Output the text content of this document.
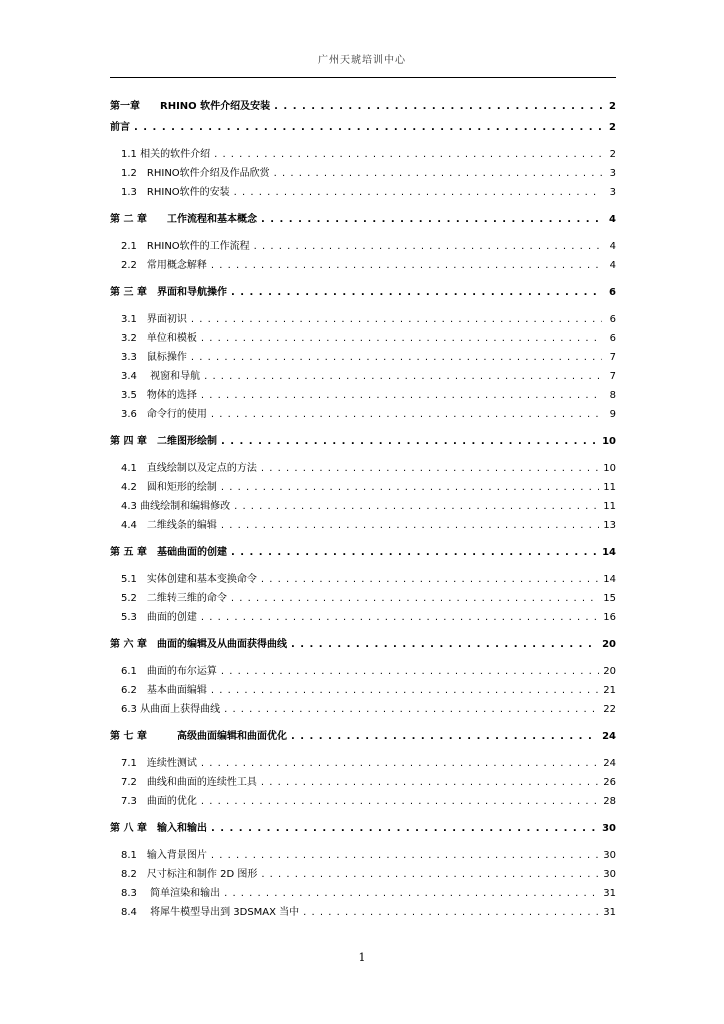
广州天琥培训中心
第一章　　RHINO 软件介绍及安装 . . .	2
前言 . . .	2
1.1 相关的软件介绍 . . .	2
1.2　RHINO软件介绍及作品欣赏 . . .	3
1.3　RHINO软件的安装 . . .	3
第 二 章　　工作流程和基本概念 . . .	4
2.1　RHINO软件的工作流程 . . .	4
2.2　常用概念解释 . . .	4
第 三 章　界面和导航操作 . . .	6
3.1　界面初识 . . .	6
3.2　单位和模板 . . .	6
3.3　鼠标操作 . . .	7
3.4　 视窗和导航 . . .	7
3.5　物体的选择 . . .	8
3.6　命令行的使用 . . .	9
第 四 章　二维图形绘制 . . .	10
4.1　直线绘制以及定点的方法 . . .	10
4.2　圆和矩形的绘制 . . .	11
4.3 曲线绘制和编辑修改 . . .	11
4.4　二维线条的编辑 . . .	13
第 五 章　基础曲面的创建 . . .	14
5.1　实体创建和基本变换命令 . . .	14
5.2　二维转三维的命令 . . .	15
5.3　曲面的创建 . . .	16
第 六 章　曲面的编辑及从曲面获得曲线 . . .	20
6.1　曲面的布尔运算 . . .	20
6.2　基本曲面编辑 . . .	21
6.3 从曲面上获得曲线 . . .	22
第 七 章　　　高级曲面编辑和曲面优化 . . .	24
7.1　连续性测试 . . .	24
7.2　曲线和曲面的连续性工具 . . .	26
7.3　曲面的优化 . . .	28
第 八 章　输入和输出 . . .	30
8.1　输入背景图片 . . .	30
8.2　尺寸标注和制作 2D 图形 . . .	30
8.3　 简单渲染和输出 . . .	31
8.4　 将犀牛模型导出到 3DSMAX 当中 . . .	31
1
